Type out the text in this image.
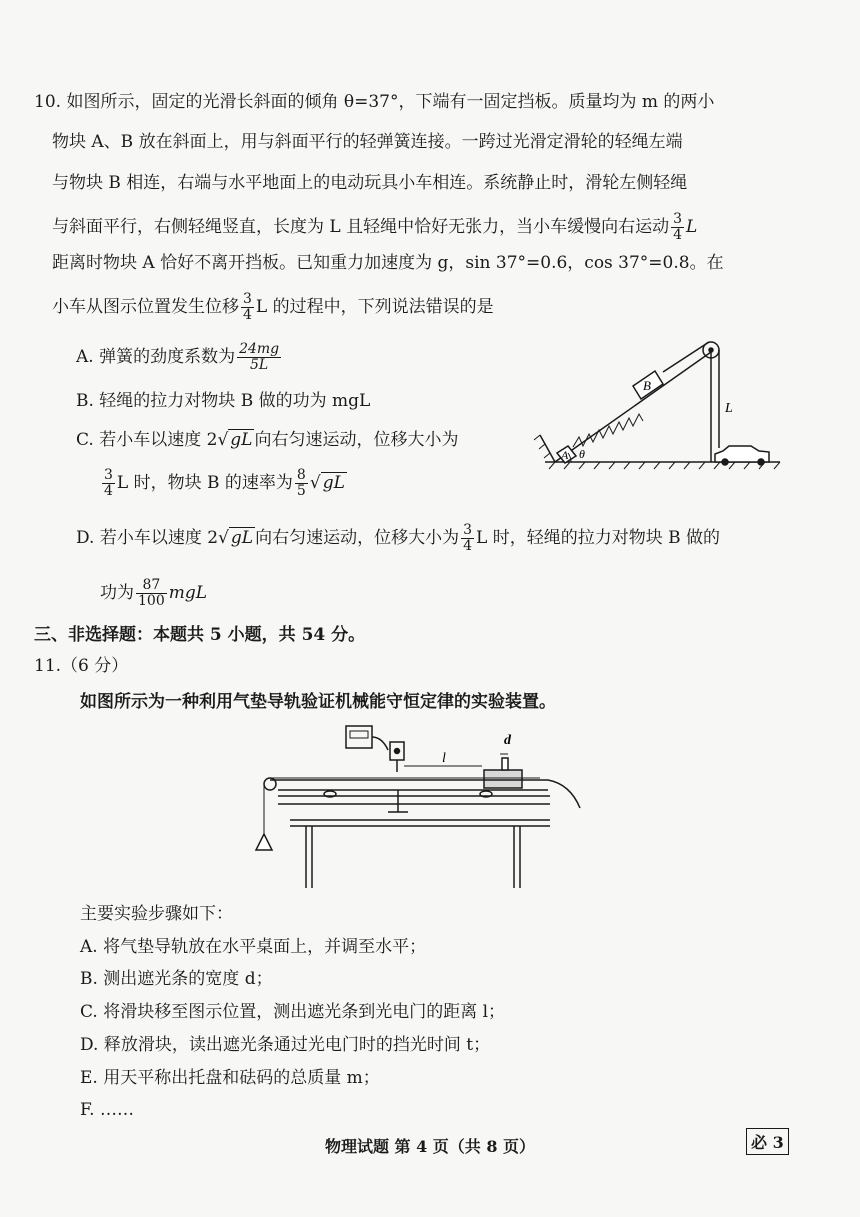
10. 如图所示，固定的光滑长斜面的倾角 θ=37°，下端有一固定挡板。质量均为 m 的两小
物块 A、B 放在斜面上，用与斜面平行的轻弹簧连接。一跨过光滑定滑轮的轻绳左端
与物块 B 相连，右端与水平地面上的电动玩具小车相连。系统静止时，滑轮左侧轻绳
与斜面平行，右侧轻绳竖直，长度为 L 且轻绳中恰好无张力，当小车缓慢向右运动 $\frac{3}{4}$ L
距离时物块 A 恰好不离开挡板。已知重力加速度为 g，sin 37°=0.6，cos 37°=0.8。在
小车从图示位置发生位移 $\frac{3}{4}$ L 的过程中，下列说法错误的是
A. 弹簧的劲度系数为 $\frac{24mg}{5L}$
B. 轻绳的拉力对物块 B 做的功为 mgL
C. 若小车以速度 2√ gL 向右匀速运动，位移大小为
$\frac{3}{4}$ L 时，物块 B 的速率为 $\frac{8}{5}$ √ gL
D. 若小车以速度 2√ gL 向右匀速运动，位移大小为 $\frac{3}{4}$ L 时，轻绳的拉力对物块 B 做的
功为 $\frac{87}{100}$ mgL
B
A θ
L
三、非选择题：本题共 5 小题，共 54 分。
11.（6 分）
如图所示为一种利用气垫导轨验证机械能守恒定律的实验装置。
l
d
主要实验步骤如下：
A. 将气垫导轨放在水平桌面上，并调至水平；
B. 测出遮光条的宽度 d；
C. 将滑块移至图示位置，测出遮光条到光电门的距离 l；
D. 释放滑块，读出遮光条通过光电门时的挡光时间 t；
E. 用天平称出托盘和砝码的总质量 m；
F. ……
物理试题 第 4 页（共 8 页）	必 3
